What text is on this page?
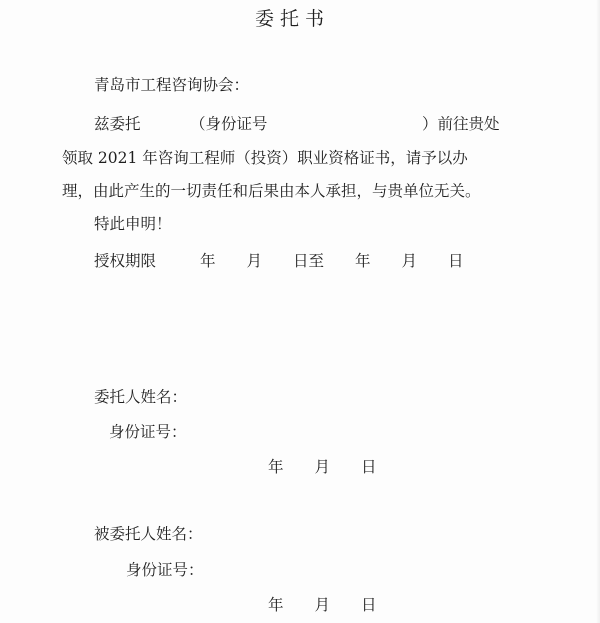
委托书
青岛市工程咨询协会：
兹委托	（身份证号	）前往贵处
领取 2021 年咨询工程师（投资）职业资格证书，请予以办
理，由此产生的一切责任和后果由本人承担，与贵单位无关。
特此申明！
授权期限	年　　月　　日至　　年　　月　　日
委托人姓名：
身份证号：
年　　月　　日
被委托人姓名：
身份证号：
年　　月　　日
